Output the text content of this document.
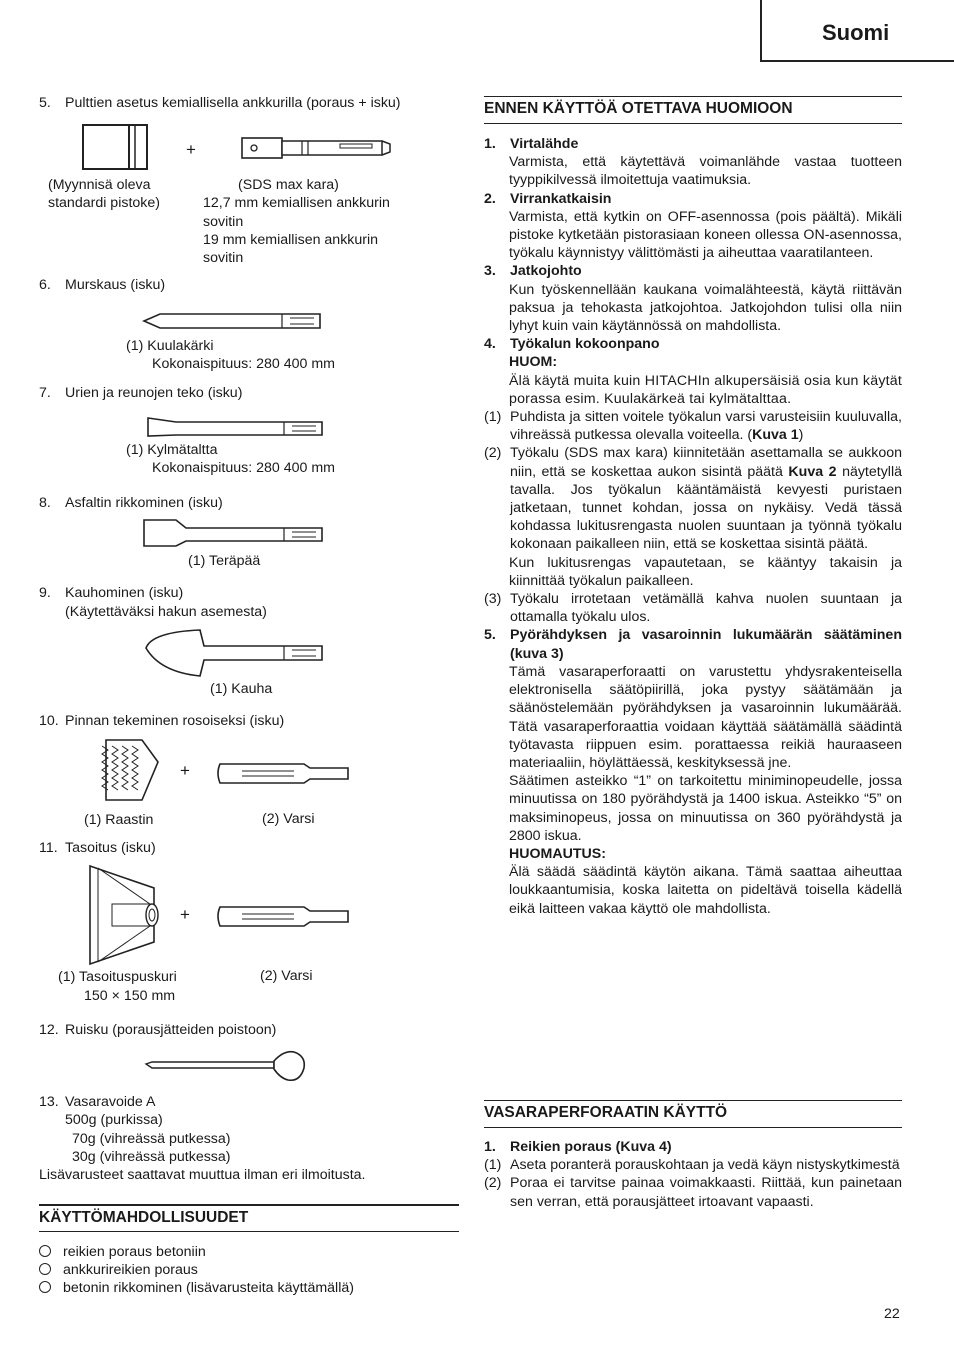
Suomi
5. Pulttien asetus kemiallisella ankkurilla (poraus + isku)
+
(Myynnisä oleva
standardi pistoke)
(SDS max kara)
12,7 mm kemiallisen ankkurin
sovitin
19 mm kemiallisen ankkurin
sovitin
6. Murskaus (isku)
(1) Kuulakärki
Kokonaispituus: 280 400 mm
7. Urien ja reunojen teko (isku)
(1) Kylmätaltta
Kokonaispituus: 280 400 mm
8. Asfaltin rikkominen (isku)
(1) Teräpää
9. Kauhominen (isku)
(Käytettäväksi hakun asemesta)
(1) Kauha
10. Pinnan tekeminen rosoiseksi (isku)
+
(1) Raastin	(2) Varsi
11. Tasoitus (isku)
+
(1) Tasoituspuskuri
150 × 150 mm
(2) Varsi
12. Ruisku (porausjätteiden poistoon)
13. Vasaravoide A
500g (purkissa)
70g (vihreässä putkessa)
30g (vihreässä putkessa)
Lisävarusteet saattavat muuttua ilman eri ilmoitusta.
KÄYTTÖMAHDOLLISUUDET
reikien poraus betoniin
ankkurireikien poraus
betonin rikkominen (lisävarusteita käyttämällä)
ENNEN KÄYTTÖÄ OTETTAVA HUOMIOON
1. Virtalähde
Varmista, että käytettävä voimanlähde vastaa tuotteen tyyppikilvessä ilmoitettuja vaatimuksia.
2. Virrankatkaisin
Varmista, että kytkin on OFF-asennossa (pois päältä). Mikäli pistoke kytketään pistorasiaan koneen ollessa ON-asennossa, työkalu käynnistyy välittömästi ja aiheuttaa vaaratilanteen.
3. Jatkojohto
Kun työskennellään kaukana voimalähteestä, käytä riittävän paksua ja tehokasta jatkojohtoa. Jatkojohdon tulisi olla niin lyhyt kuin vain käytännössä on mahdollista.
4. Työkalun kokoonpano
HUOM:
Älä käytä muita kuin HITACHIn alkupersäisiä osia kun käytät porassa esim. Kuulakärkeä tai kylmätalttaa.
(1) Puhdista ja sitten voitele työkalun varsi varusteisiin kuuluvalla, vihreässä putkessa olevalla voiteella. (Kuva 1)
(2) Työkalu (SDS max kara) kiinnitetään asettamalla se aukkoon niin, että se koskettaa aukon sisintä päätä Kuva 2 näytetyllä tavalla. Jos työkalun kääntämäistä kevyesti puristaen jatketaan, tunnet kohdan, jossa on nykäisy. Vedä tässä kohdassa lukitusrengasta nuolen suuntaan ja työnnä työkalu kokonaan paikalleen niin, että se koskettaa sisintä päätä.
Kun lukitusrengas vapautetaan, se kääntyy takaisin ja kiinnittää työkalun paikalleen.
(3) Työkalu irrotetaan vetämällä kahva nuolen suuntaan ja ottamalla työkalu ulos.
5. Pyörähdyksen ja vasaroinnin lukumäärän säätäminen (kuva 3)
Tämä vasaraperforaatti on varustettu yhdysrakenteisella elektronisella säätöpiirillä, joka pystyy säätämään ja säänöstelemään pyörähdyksen ja vasaroinnin lukumäärää. Tätä vasaraperforaattia voidaan käyttää säätämällä säädintä työtavasta riippuen esim. porattaessa reikiä hauraaseen materiaaliin, höylättäessä, keskityksessä jne.
Säätimen asteikko “1” on tarkoitettu miniminopeudelle, jossa minuutissa on 180 pyörähdystä ja 1400 iskua. Asteikko “5” on maksiminopeus, jossa on minuutissa on 360 pyörähdystä ja 2800 iskua.
HUOMAUTUS:
Älä säädä säädintä käytön aikana. Tämä saattaa aiheuttaa loukkaantumisia, koska laitetta on pideltävä toisella kädellä eikä laitteen vakaa käyttö ole mahdollista.
VASARAPERFORAATIN KÄYTTÖ
1. Reikien poraus (Kuva 4)
(1) Aseta poranterä porauskohtaan ja vedä käyn nistyskytkimestä
(2) Poraa ei tarvitse painaa voimakkaasti. Riittää, kun painetaan sen verran, että porausjätteet irtoavant vapaasti.
22
